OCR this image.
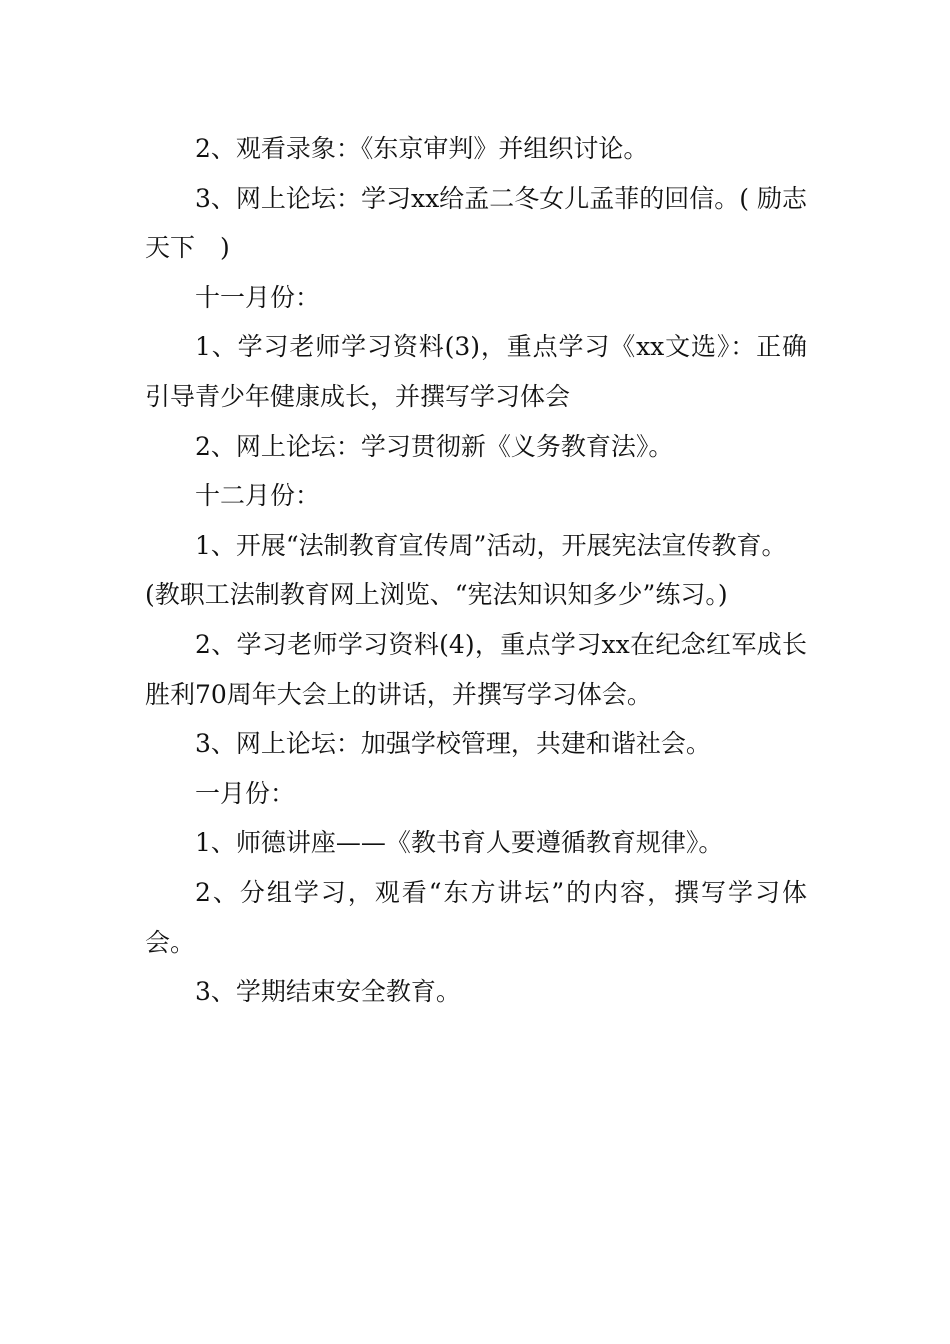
2、观看录象：《东京审判》并组织讨论。

3、网上论坛：学习xx给孟二冬女儿孟菲的回信。( 励志天下　)

十一月份：

1、学习老师学习资料(3)，重点学习《xx文选》：正确引导青少年健康成长，并撰写学习体会

2、网上论坛：学习贯彻新《义务教育法》。

十二月份：

1、开展“法制教育宣传周”活动，开展宪法宣传教育。

(教职工法制教育网上浏览、“宪法知识知多少”练习。)

2、学习老师学习资料(4)，重点学习xx在纪念红军成长胜利70周年大会上的讲话，并撰写学习体会。

3、网上论坛：加强学校管理，共建和谐社会。

一月份：

1、师德讲座——《教书育人要遵循教育规律》。

2、分组学习，观看“东方讲坛”的内容，撰写学习体会。

3、学期结束安全教育。
